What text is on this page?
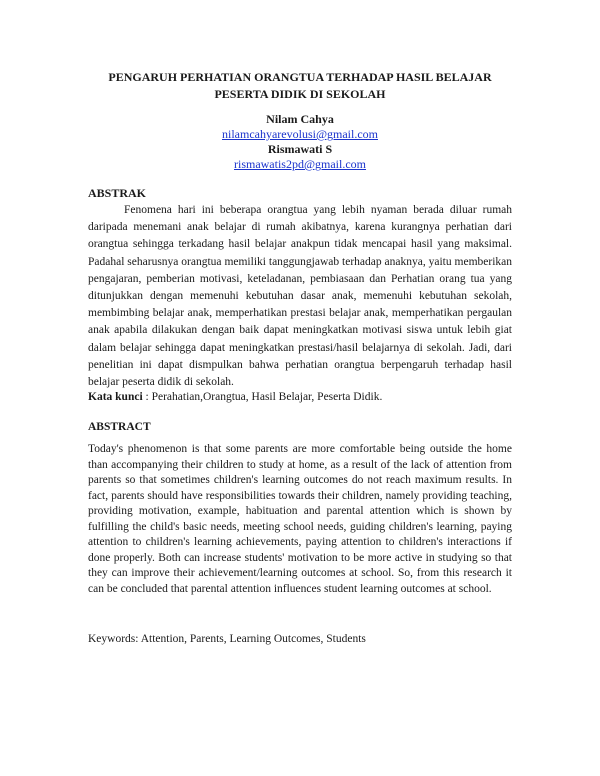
PENGARUH PERHATIAN ORANGTUA TERHADAP HASIL BELAJAR
PESERTA DIDIK DI SEKOLAH
Nilam Cahya
nilamcahyarevolusi@gmail.com
Rismawati S
rismawatis2pd@gmail.com
ABSTRAK

Fenomena hari ini beberapa orangtua yang lebih nyaman berada diluar rumah daripada menemani anak belajar di rumah akibatnya, karena kurangnya perhatian dari orangtua sehingga terkadang hasil belajar anakpun tidak mencapai hasil yang maksimal. Padahal seharusnya orangtua memiliki tanggungjawab terhadap anaknya, yaitu memberikan pengajaran, pemberian motivasi, keteladanan, pembiasaan dan Perhatian orang tua yang ditunjukkan dengan memenuhi kebutuhan dasar anak, memenuhi kebutuhan sekolah, membimbing belajar anak, memperhatikan prestasi belajar anak, memperhatikan pergaulan anak apabila dilakukan dengan baik dapat meningkatkan motivasi siswa untuk lebih giat dalam belajar sehingga dapat meningkatkan prestasi/hasil belajarnya di sekolah. Jadi, dari penelitian ini dapat dismpulkan bahwa perhatian orangtua berpengaruh terhadap hasil belajar peserta didik di sekolah.

Kata kunci : Perahatian,Orangtua, Hasil Belajar, Peserta Didik.

ABSTRACT

Today's phenomenon is that some parents are more comfortable being outside the home than accompanying their children to study at home, as a result of the lack of attention from parents so that sometimes children's learning outcomes do not reach maximum results. In fact, parents should have responsibilities towards their children, namely providing teaching, providing motivation, example, habituation and parental attention which is shown by fulfilling the child's basic needs, meeting school needs, guiding children's learning, paying attention to children's learning achievements, paying attention to children's interactions if done properly. Both can increase students' motivation to be more active in studying so that they can improve their achievement/learning outcomes at school. So, from this research it can be concluded that parental attention influences student learning outcomes at school.

Keywords: Attention, Parents, Learning Outcomes, Students
